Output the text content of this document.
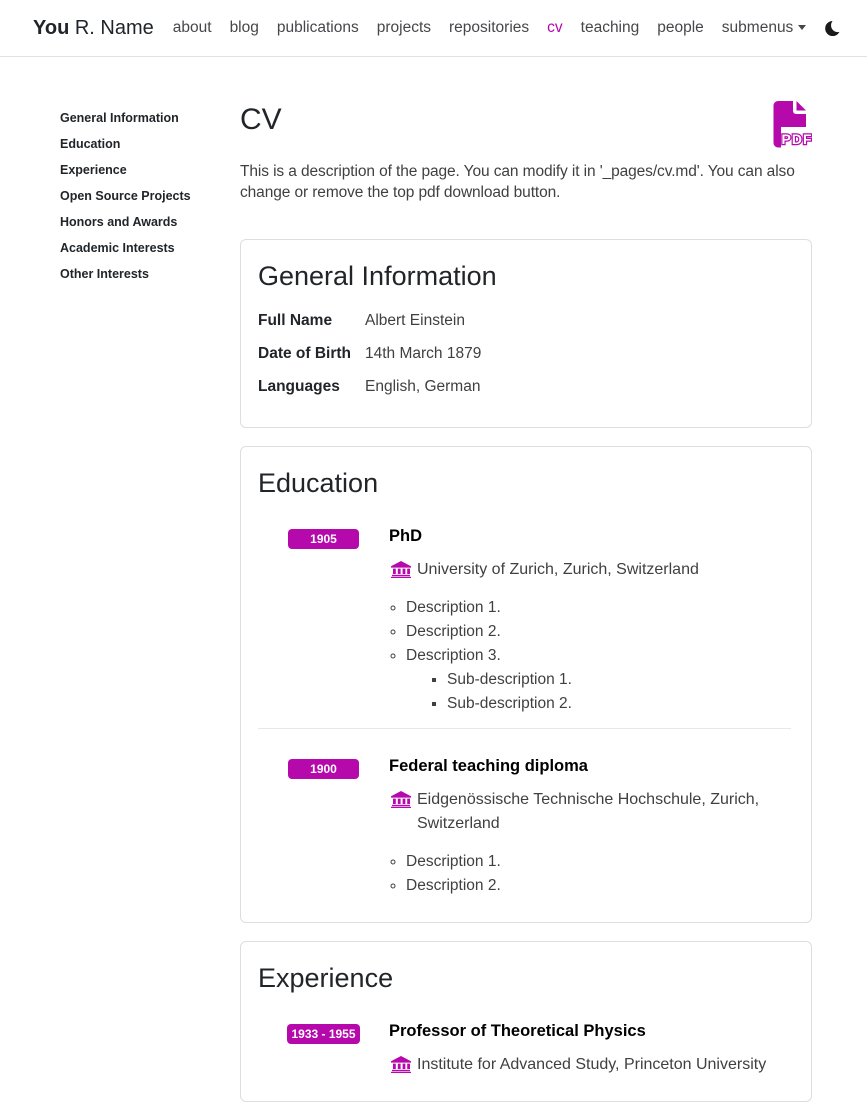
You R. Name	about	blog	publications	projects	repositories	cv	teaching	people	submenus
General Information
Education
Experience
Open Source Projects
Honors and Awards
Academic Interests
Other Interests
CV
PDF

This is a description of the page. You can modify it in '_pages/cv.md'. You can also change or remove the top pdf download button.

General Information
Full Name	Albert Einstein
Date of Birth 14th March 1879
Languages	English, German
Education
1905	PhD
University of Zurich, Zurich, Switzerland
◦ Description 1.
◦ Description 2.
◦ Description 3.
▪ Sub-description 1.
▪ Sub-description 2.
1900	Federal teaching diploma
Eidgenössische Technische Hochschule, Zurich, Switzerland
◦ Description 1.
◦ Description 2.
Experience
1933 - 1955 Professor of Theoretical Physics
Institute for Advanced Study, Princeton University
